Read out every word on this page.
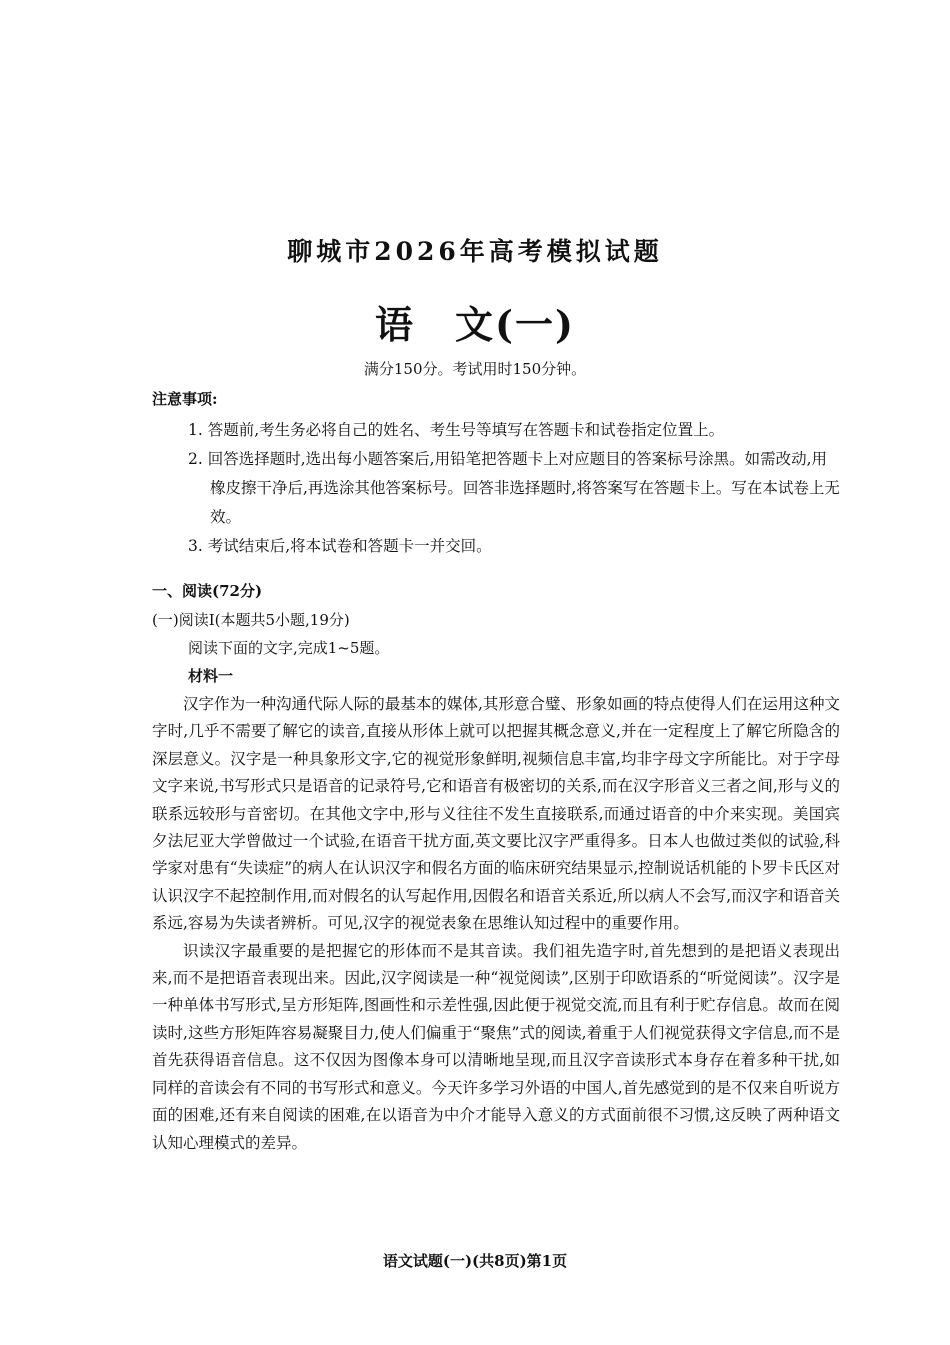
聊城市2026年高考模拟试题
语 文(一)
满分150分。考试用时150分钟。
注意事项:
1. 答题前,考生务必将自己的姓名、考生号等填写在答题卡和试卷指定位置上。
2. 回答选择题时,选出每小题答案后,用铅笔把答题卡上对应题目的答案标号涂黑。如需改动,用橡皮擦干净后,再选涂其他答案标号。回答非选择题时,将答案写在答题卡上。写在本试卷上无效。
3. 考试结束后,将本试卷和答题卡一并交回。
一、阅读(72分)
(一)阅读Ⅰ(本题共5小题,19分)
阅读下面的文字,完成1~5题。
材料一

汉字作为一种沟通代际人际的最基本的媒体,其形意合璧、形象如画的特点使得人们在运用这种文字时,几乎不需要了解它的读音,直接从形体上就可以把握其概念意义,并在一定程度上了解它所隐含的深层意义。汉字是一种具象形文字,它的视觉形象鲜明,视频信息丰富,均非字母文字所能比。对于字母文字来说,书写形式只是语音的记录符号,它和语音有极密切的关系,而在汉字形音义三者之间,形与义的联系远较形与音密切。在其他文字中,形与义往往不发生直接联系,而通过语音的中介来实现。美国宾夕法尼亚大学曾做过一个试验,在语音干扰方面,英文要比汉字严重得多。日本人也做过类似的试验,科学家对患有“失读症”的病人在认识汉字和假名方面的临床研究结果显示,控制说话机能的卜罗卡氏区对认识汉字不起控制作用,而对假名的认写起作用,因假名和语音关系近,所以病人不会写,而汉字和语音关系远,容易为失读者辨析。可见,汉字的视觉表象在思维认知过程中的重要作用。

识读汉字最重要的是把握它的形体而不是其音读。我们祖先造字时,首先想到的是把语义表现出来,而不是把语音表现出来。因此,汉字阅读是一种“视觉阅读”,区别于印欧语系的“听觉阅读”。汉字是一种单体书写形式,呈方形矩阵,图画性和示差性强,因此便于视觉交流,而且有利于贮存信息。故而在阅读时,这些方形矩阵容易凝聚目力,使人们偏重于“聚焦”式的阅读,着重于人们视觉获得文字信息,而不是首先获得语音信息。这不仅因为图像本身可以清晰地呈现,而且汉字音读形式本身存在着多种干扰,如同样的音读会有不同的书写形式和意义。今天许多学习外语的中国人,首先感觉到的是不仅来自听说方面的困难,还有来自阅读的困难,在以语音为中介才能导入意义的方式面前很不习惯,这反映了两种语文认知心理模式的差异。

语文试题(一)(共8页)第1页
